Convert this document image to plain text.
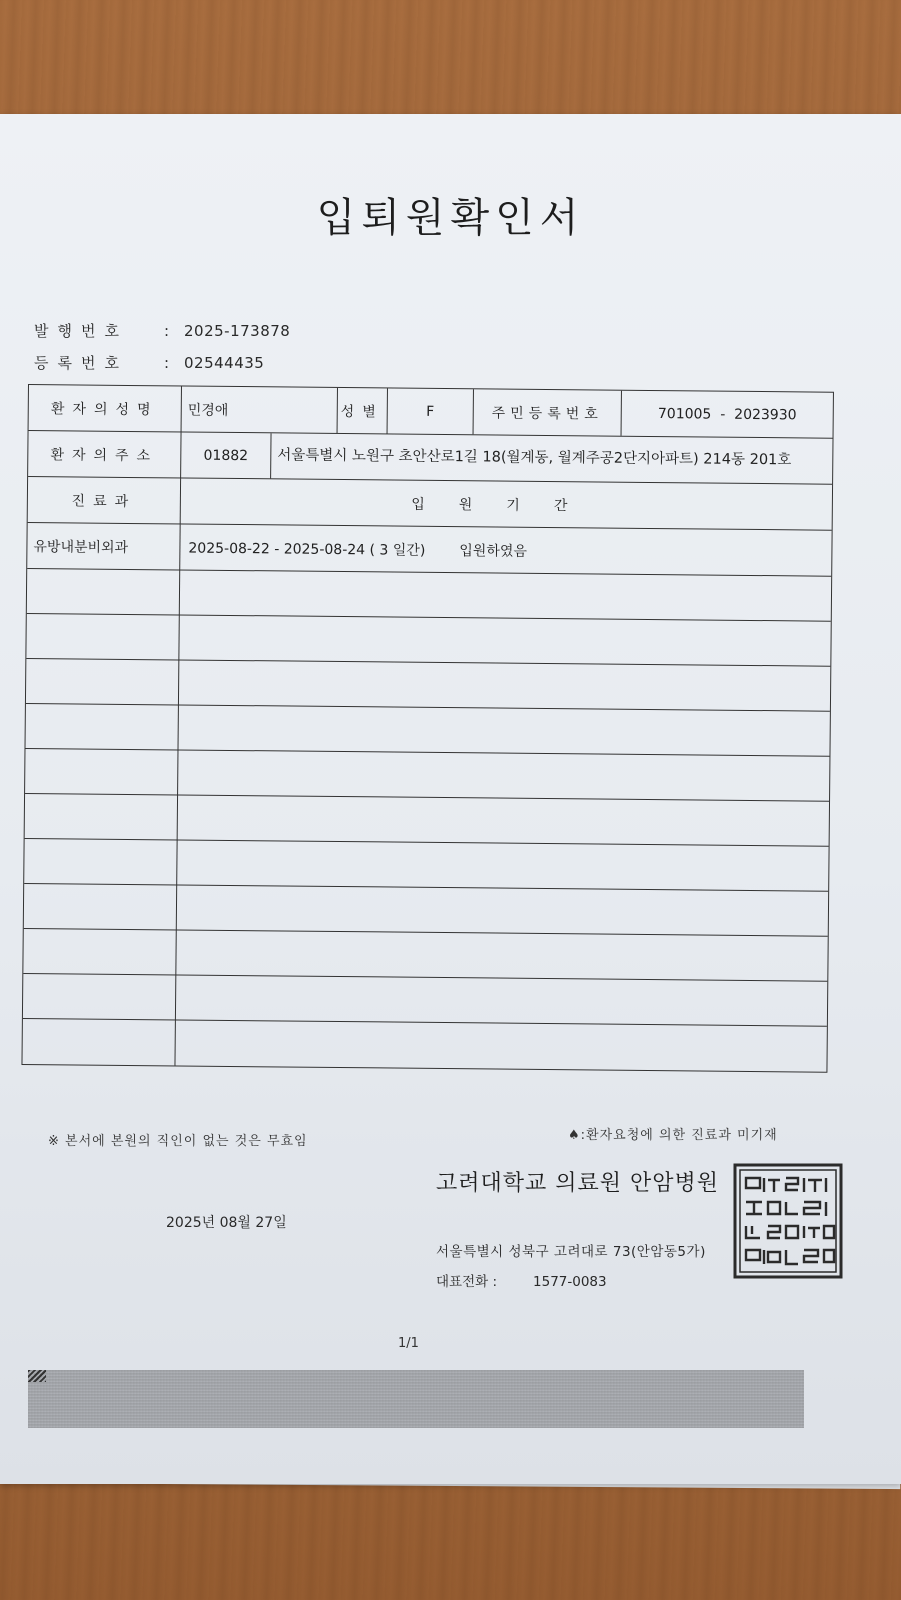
입퇴원확인서
발행번호 : 2025-173878
등록번호 : 02544435
환자의성명	민경애	성별	F	주민등록번호	701005  -  2023930
환자의주소	01882	서울특별시 노원구 초안산로1길 18(월계동, 월계주공2단지아파트) 214동 201호
진료과	입원기간
유방내분비외과	2025-08-22 - 2025-08-24 ( 3 일간) 입원하였음
※ 본서에 본원의 직인이 없는 것은 무효임	♠:환자요청에 의한 진료과 미기재
고려대학교 의료원 안암병원
2025년 08월 27일
서울특별시 성북구 고려대로 73(안암동5가)
대표전화 :	1577-0083
1/1
